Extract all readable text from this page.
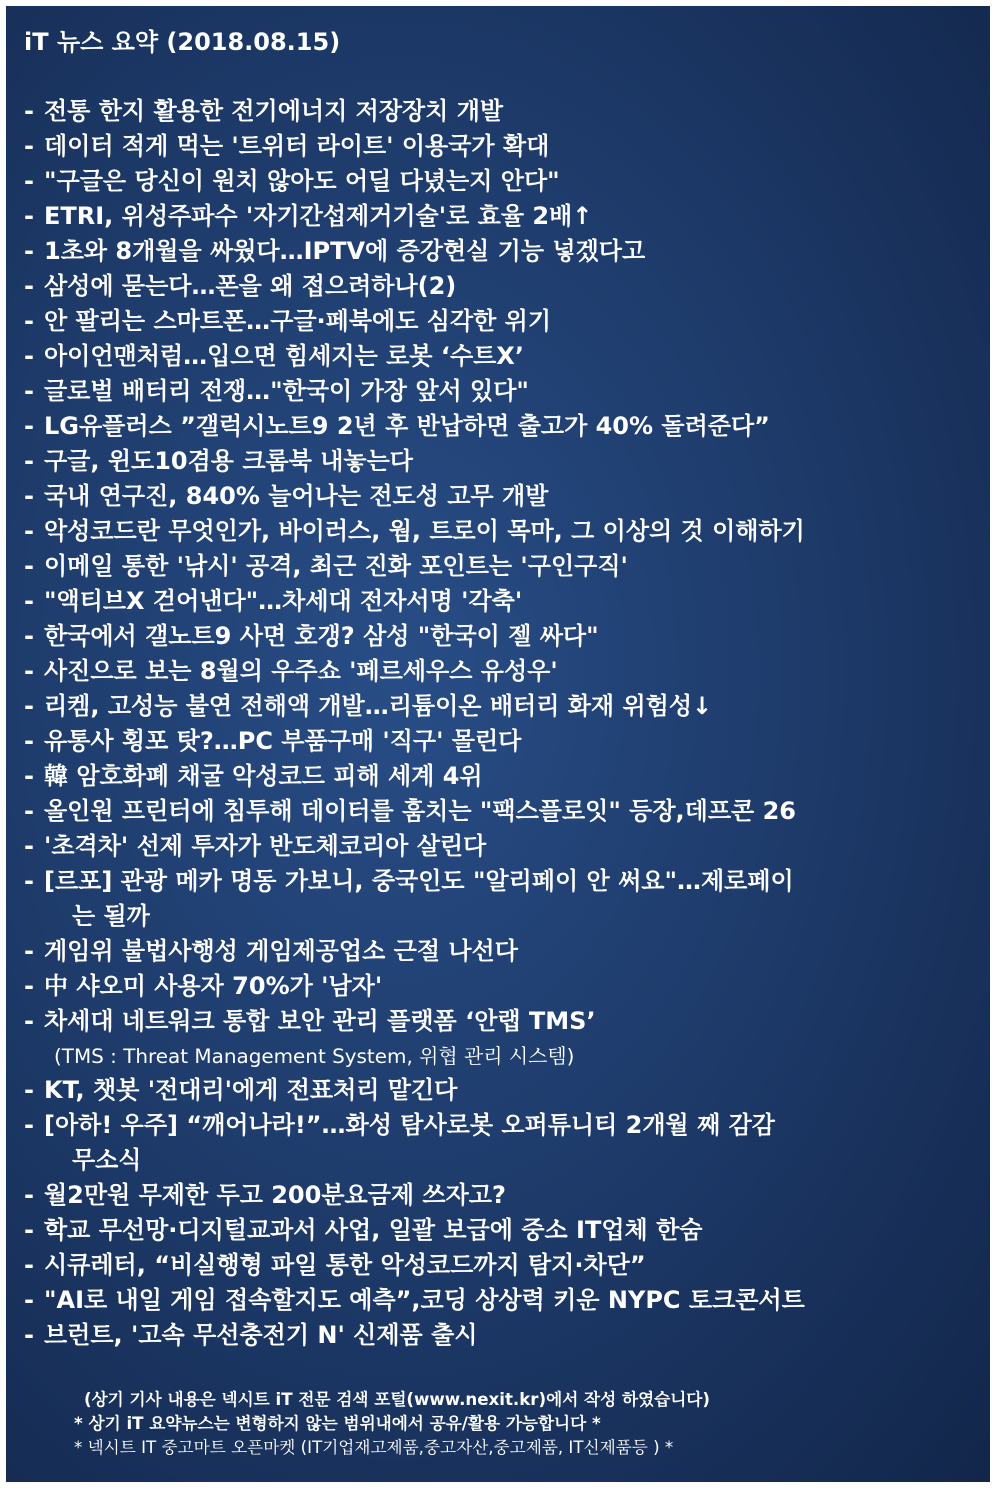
iT 뉴스 요약 (2018.08.15)
- 전통 한지 활용한 전기에너지 저장장치 개발
- 데이터 적게 먹는 '트위터 라이트' 이용국가 확대
- "구글은 당신이 원치 않아도 어딜 다녔는지 안다"
- ETRI, 위성주파수 '자기간섭제거기술'로 효율 2배↑
- 1초와 8개월을 싸웠다…IPTV에 증강현실 기능 넣겠다고
- 삼성에 묻는다…폰을 왜 접으려하나(2)
- 안 팔리는 스마트폰…구글·페북에도 심각한 위기
- 아이언맨처럼…입으면 힘세지는 로봇 ‘수트X’
- 글로벌 배터리 전쟁…"한국이 가장 앞서 있다"
- LG유플러스 ”갤럭시노트9 2년 후 반납하면 출고가 40% 돌려준다”
- 구글, 윈도10겸용 크롬북 내놓는다
- 국내 연구진, 840% 늘어나는 전도성 고무 개발
- 악성코드란 무엇인가, 바이러스, 웜, 트로이 목마, 그 이상의 것 이해하기
- 이메일 통한 '낚시' 공격, 최근 진화 포인트는 '구인구직'
- "액티브X 걷어낸다"…차세대 전자서명 '각축'
- 한국에서 갤노트9 사면 호갱? 삼성 "한국이 젤 싸다"
- 사진으로 보는 8월의 우주쇼 '페르세우스 유성우'
- 리켐, 고성능 불연 전해액 개발…리튬이온 배터리 화재 위험성↓
- 유통사 횡포 탓?…PC 부품구매 '직구' 몰린다
- 韓 암호화폐 채굴 악성코드 피해 세계 4위
- 올인원 프린터에 침투해 데이터를 훔치는 "팩스플로잇" 등장,데프콘 26
- '초격차' 선제 투자가 반도체코리아 살린다
- [르포] 관광 메카 명동 가보니, 중국인도 "알리페이 안 써요"…제로페이
는 될까
- 게임위 불법사행성 게임제공업소 근절 나선다
- 中 샤오미 사용자 70%가 '남자'
- 차세대 네트워크 통합 보안 관리 플랫폼 ‘안랩 TMS’
(TMS : Threat Management System, 위협 관리 시스템)
- KT, 챗봇 '전대리'에게 전표처리 맡긴다
- [아하! 우주] “깨어나라!”…화성 탐사로봇 오퍼튜니티 2개월 째 감감
무소식
- 월2만원 무제한 두고 200분요금제 쓰자고?
- 학교 무선망·디지털교과서 사업, 일괄 보급에 중소 IT업체 한숨
- 시큐레터, “비실행형 파일 통한 악성코드까지 탐지·차단”
- "AI로 내일 게임 접속할지도 예측”,코딩 상상력 키운 NYPC 토크콘서트
- 브런트, '고속 무선충전기 N' 신제품 출시
(상기 기사 내용은 넥시트 iT 전문 검색 포털(www.nexit.kr)에서 작성 하였습니다)
* 상기 iT 요약뉴스는 변형하지 않는 범위내에서 공유/활용 가능합니다 *
* 넥시트 IT 중고마트 오픈마켓 (IT기업재고제품,중고자산,중고제품, IT신제품등 ) *
